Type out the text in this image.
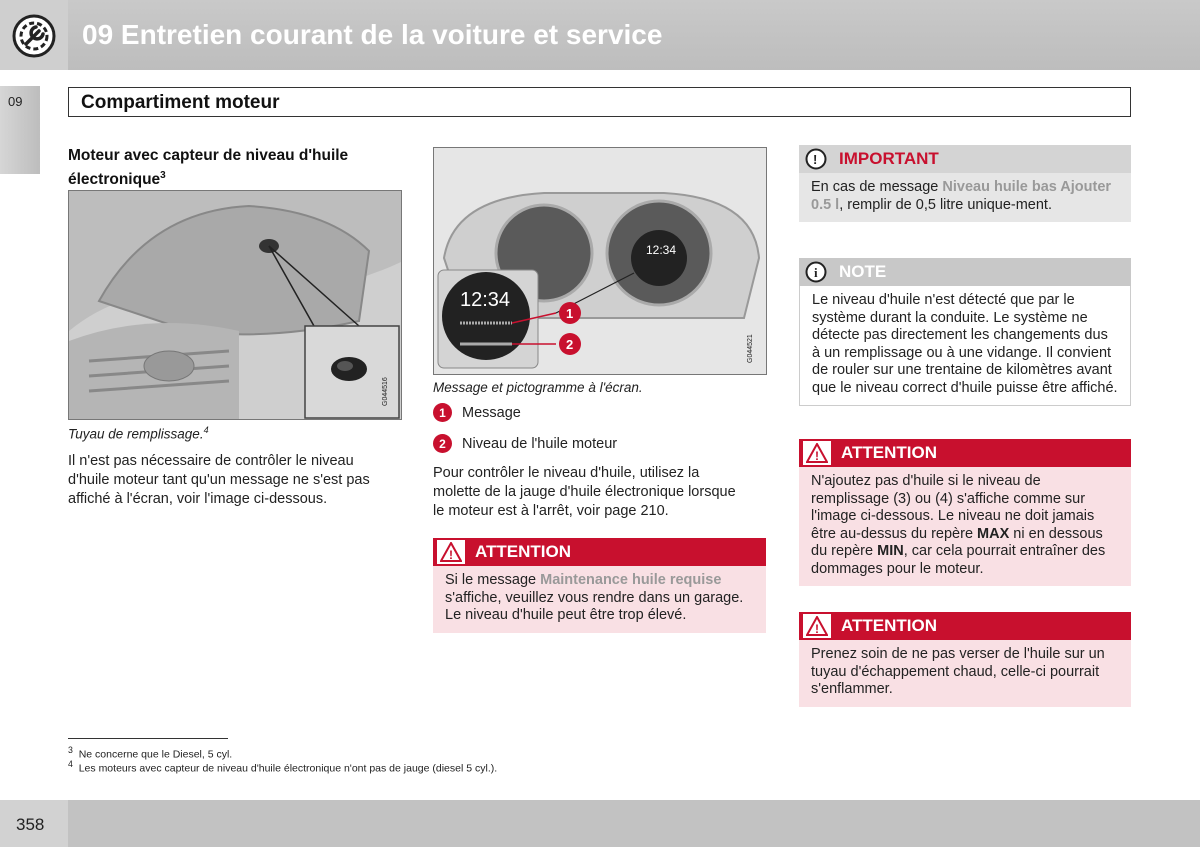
09 Entretien courant de la voiture et service
09	Compartiment moteur
Moteur avec capteur de niveau d'huile électronique$^3$
G044516
Tuyau de remplissage.$^4$
Il n'est pas nécessaire de contrôler le niveau
d'huile moteur tant qu'un message ne s'est pas
affiché à l'écran, voir l'image ci-dessous.
12:34
12:34
1
2	G044521
Message et pictogramme à l'écran.
1	Message
2	Niveau de l'huile moteur
Pour contrôler le niveau d'huile, utilisez la
molette de la jauge d'huile électronique lorsque
le moteur est à l'arrêt, voir page 210.
! ATTENTION
Si le message Maintenance huile requise s'affiche, veuillez vous rendre dans un garage. Le niveau d'huile peut être trop élevé.
! IMPORTANT
En cas de message Niveau huile bas Ajouter 0.5 l, remplir de 0,5 litre unique-ment.
i NOTE
Le niveau d'huile n'est détecté que par le système durant la conduite. Le système ne détecte pas directement les changements dus à un remplissage ou à une vidange. Il convient de rouler sur une trentaine de kilomètres avant que le niveau correct d'huile puisse être affiché.
! ATTENTION
N'ajoutez pas d'huile si le niveau de remplissage (3) ou (4) s'affiche comme sur l'image ci-dessous. Le niveau ne doit jamais être au-dessus du repère MAX ni en dessous du repère MIN, car cela pourrait entraîner des dommages pour le moteur.
! ATTENTION
Prenez soin de ne pas verser de l'huile sur un tuyau d'échappement chaud, celle-ci pourrait s'enflammer.
$^3$ Ne concerne que le Diesel, 5 cyl.
$^4$ Les moteurs avec capteur de niveau d'huile électronique n'ont pas de jauge (diesel 5 cyl.).
358
